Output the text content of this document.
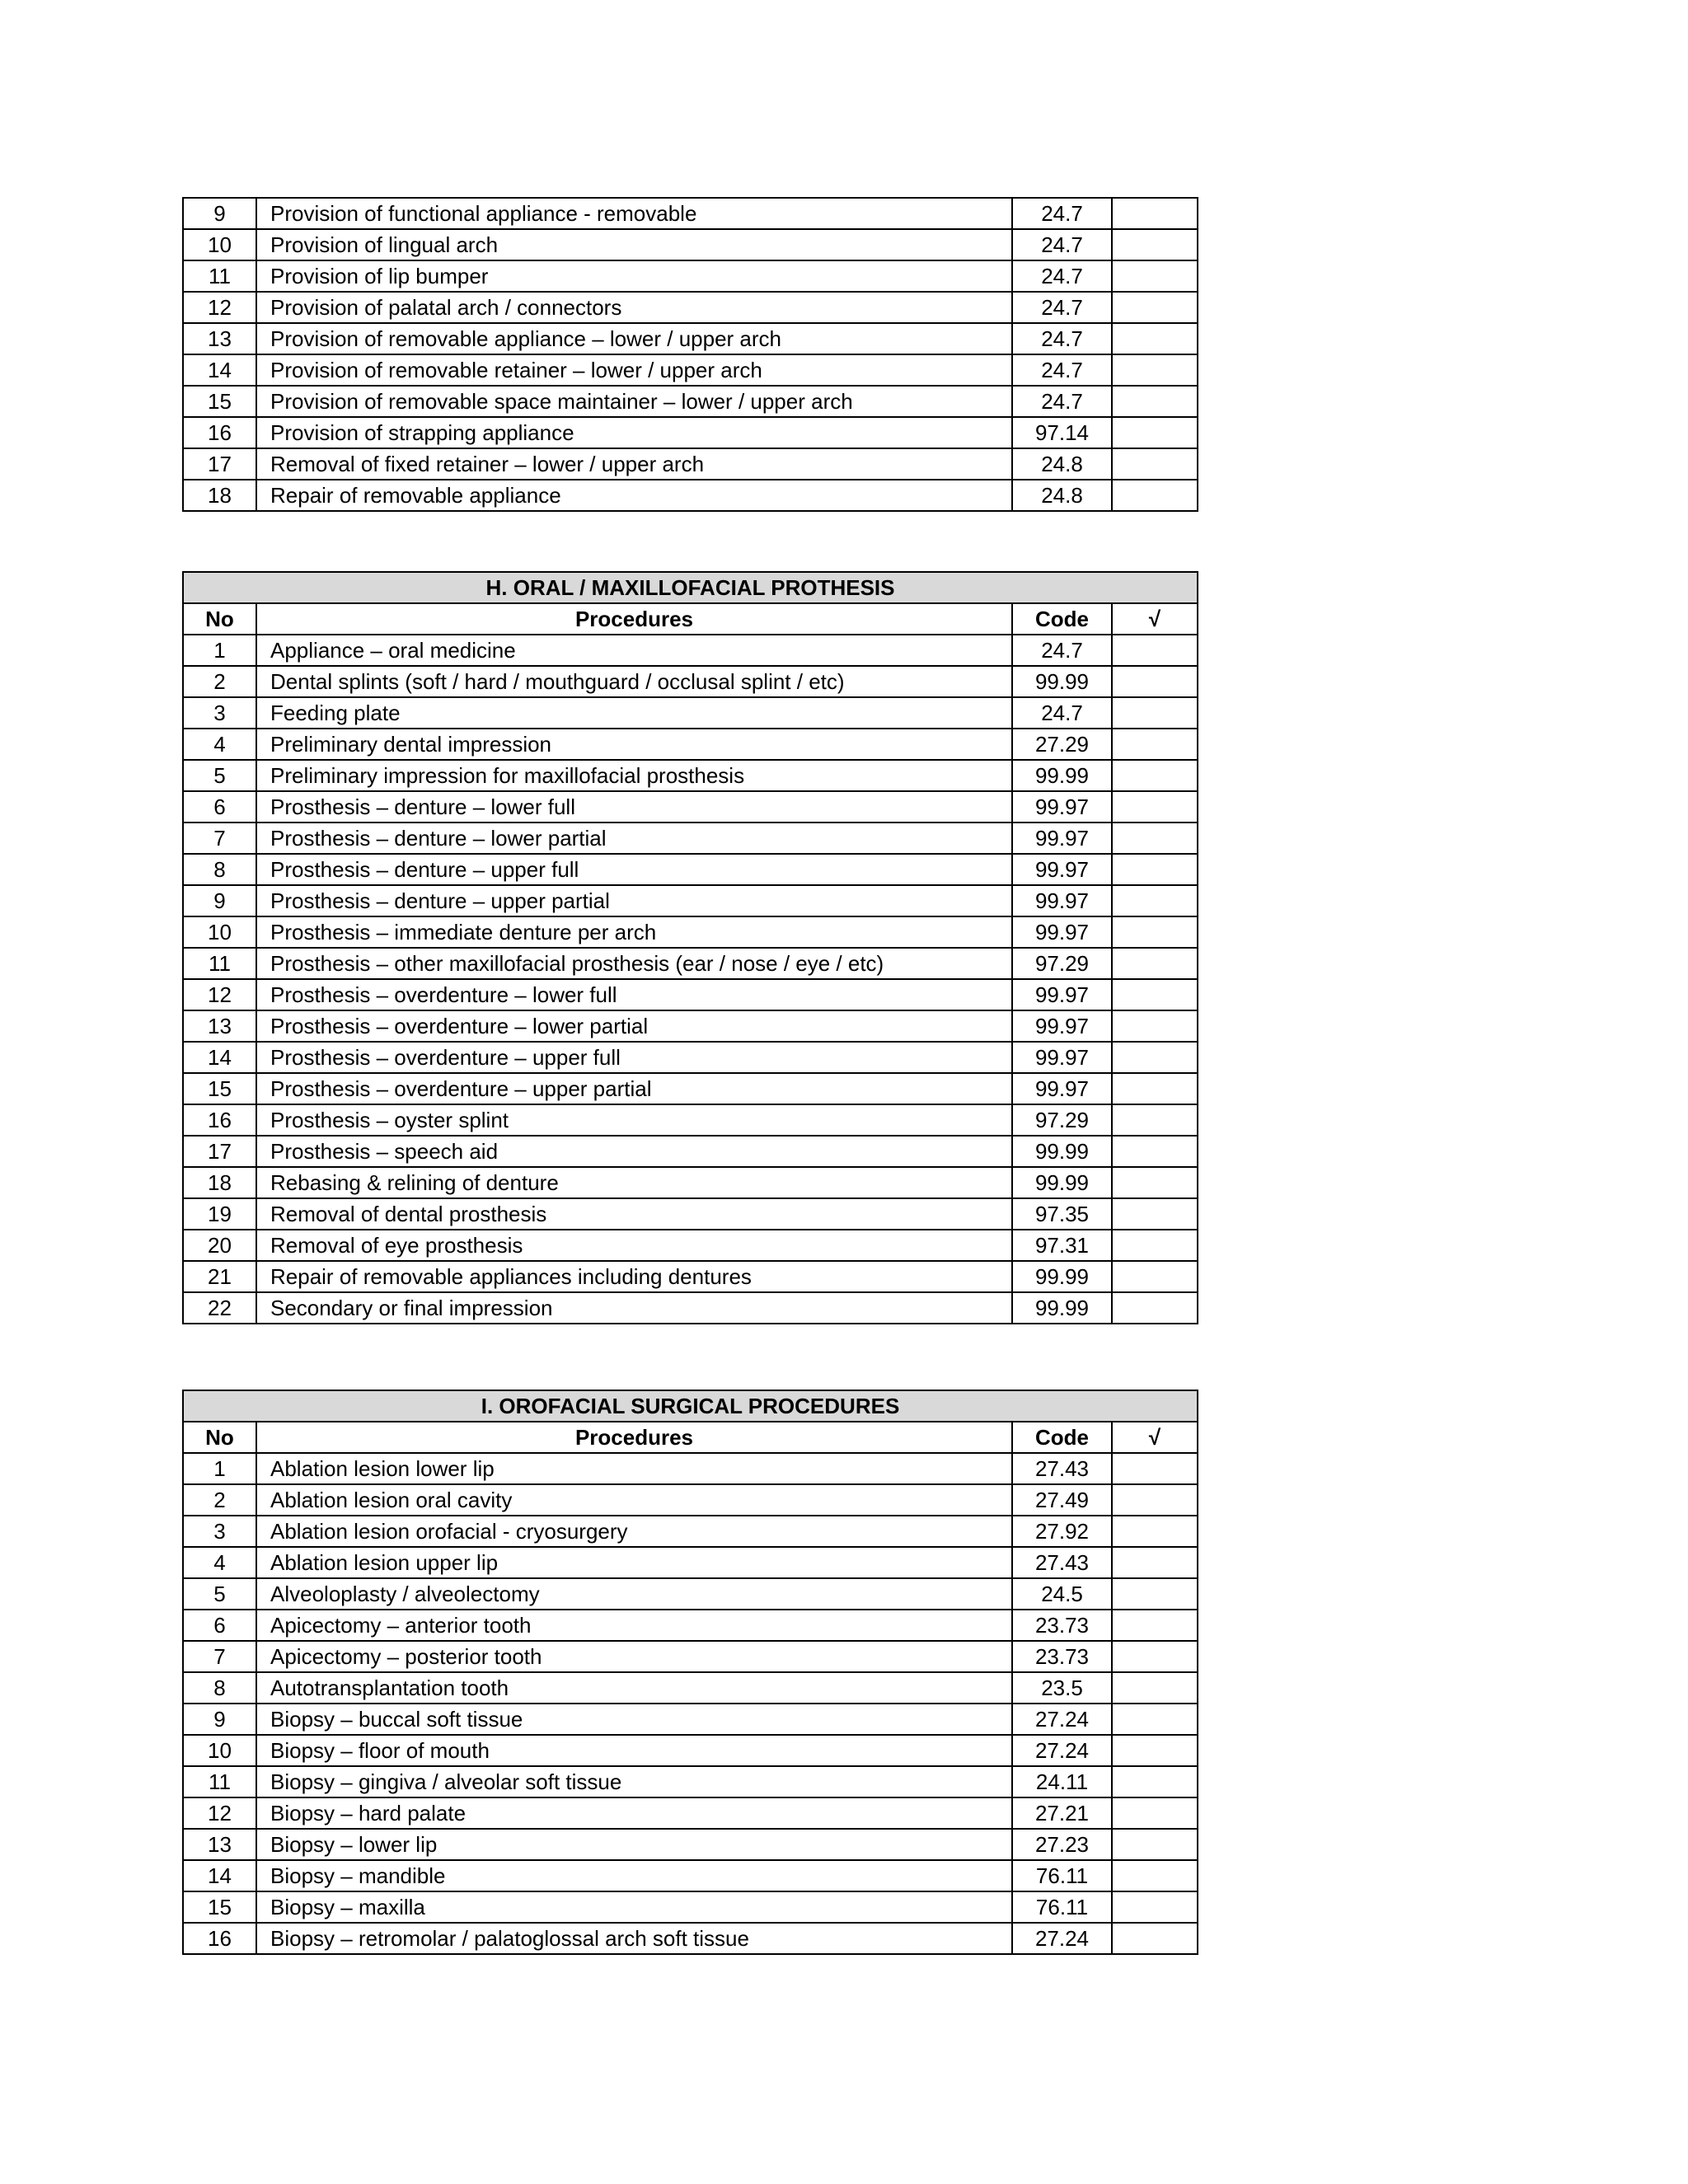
9	Provision of functional appliance - removable	24.7	
10	Provision of lingual arch	24.7	
11	Provision of lip bumper	24.7	
12	Provision of palatal arch / connectors	24.7	
13	Provision of removable appliance – lower / upper arch	24.7	
14	Provision of removable retainer – lower / upper arch	24.7	
15	Provision of removable space maintainer – lower / upper arch	24.7	
16	Provision of strapping appliance	97.14	
17	Removal of fixed retainer – lower / upper arch	24.8	
18	Repair of removable appliance	24.8	
H. ORAL / MAXILLOFACIAL PROTHESIS			
No	Procedures	Code	√
1	Appliance – oral medicine	24.7	
2	Dental splints (soft / hard / mouthguard / occlusal splint / etc)	99.99	
3	Feeding plate	24.7	
4	Preliminary dental impression	27.29	
5	Preliminary impression for maxillofacial prosthesis	99.99	
6	Prosthesis – denture – lower full	99.97	
7	Prosthesis – denture – lower partial	99.97	
8	Prosthesis – denture – upper full	99.97	
9	Prosthesis – denture – upper partial	99.97	
10	Prosthesis – immediate denture per arch	99.97	
11	Prosthesis – other maxillofacial prosthesis (ear / nose / eye / etc)	97.29	
12	Prosthesis – overdenture – lower full	99.97	
13	Prosthesis – overdenture – lower partial	99.97	
14	Prosthesis – overdenture – upper full	99.97	
15	Prosthesis – overdenture – upper partial	99.97	
16	Prosthesis – oyster splint	97.29	
17	Prosthesis – speech aid	99.99	
18	Rebasing & relining of denture	99.99	
19	Removal of dental prosthesis	97.35	
20	Removal of eye prosthesis	97.31	
21	Repair of removable appliances including dentures	99.99	
22	Secondary or final impression	99.99	
I. OROFACIAL SURGICAL PROCEDURES			
No	Procedures	Code	√
1	Ablation lesion lower lip	27.43	
2	Ablation lesion oral cavity	27.49	
3	Ablation lesion orofacial - cryosurgery	27.92	
4	Ablation lesion upper lip	27.43	
5	Alveoloplasty / alveolectomy	24.5	
6	Apicectomy – anterior tooth	23.73	
7	Apicectomy – posterior tooth	23.73	
8	Autotransplantation tooth	23.5	
9	Biopsy – buccal soft tissue	27.24	
10	Biopsy – floor of mouth	27.24	
11	Biopsy – gingiva / alveolar soft tissue	24.11	
12	Biopsy – hard palate	27.21	
13	Biopsy – lower lip	27.23	
14	Biopsy – mandible	76.11	
15	Biopsy – maxilla	76.11	
16	Biopsy – retromolar / palatoglossal arch soft tissue	27.24	
